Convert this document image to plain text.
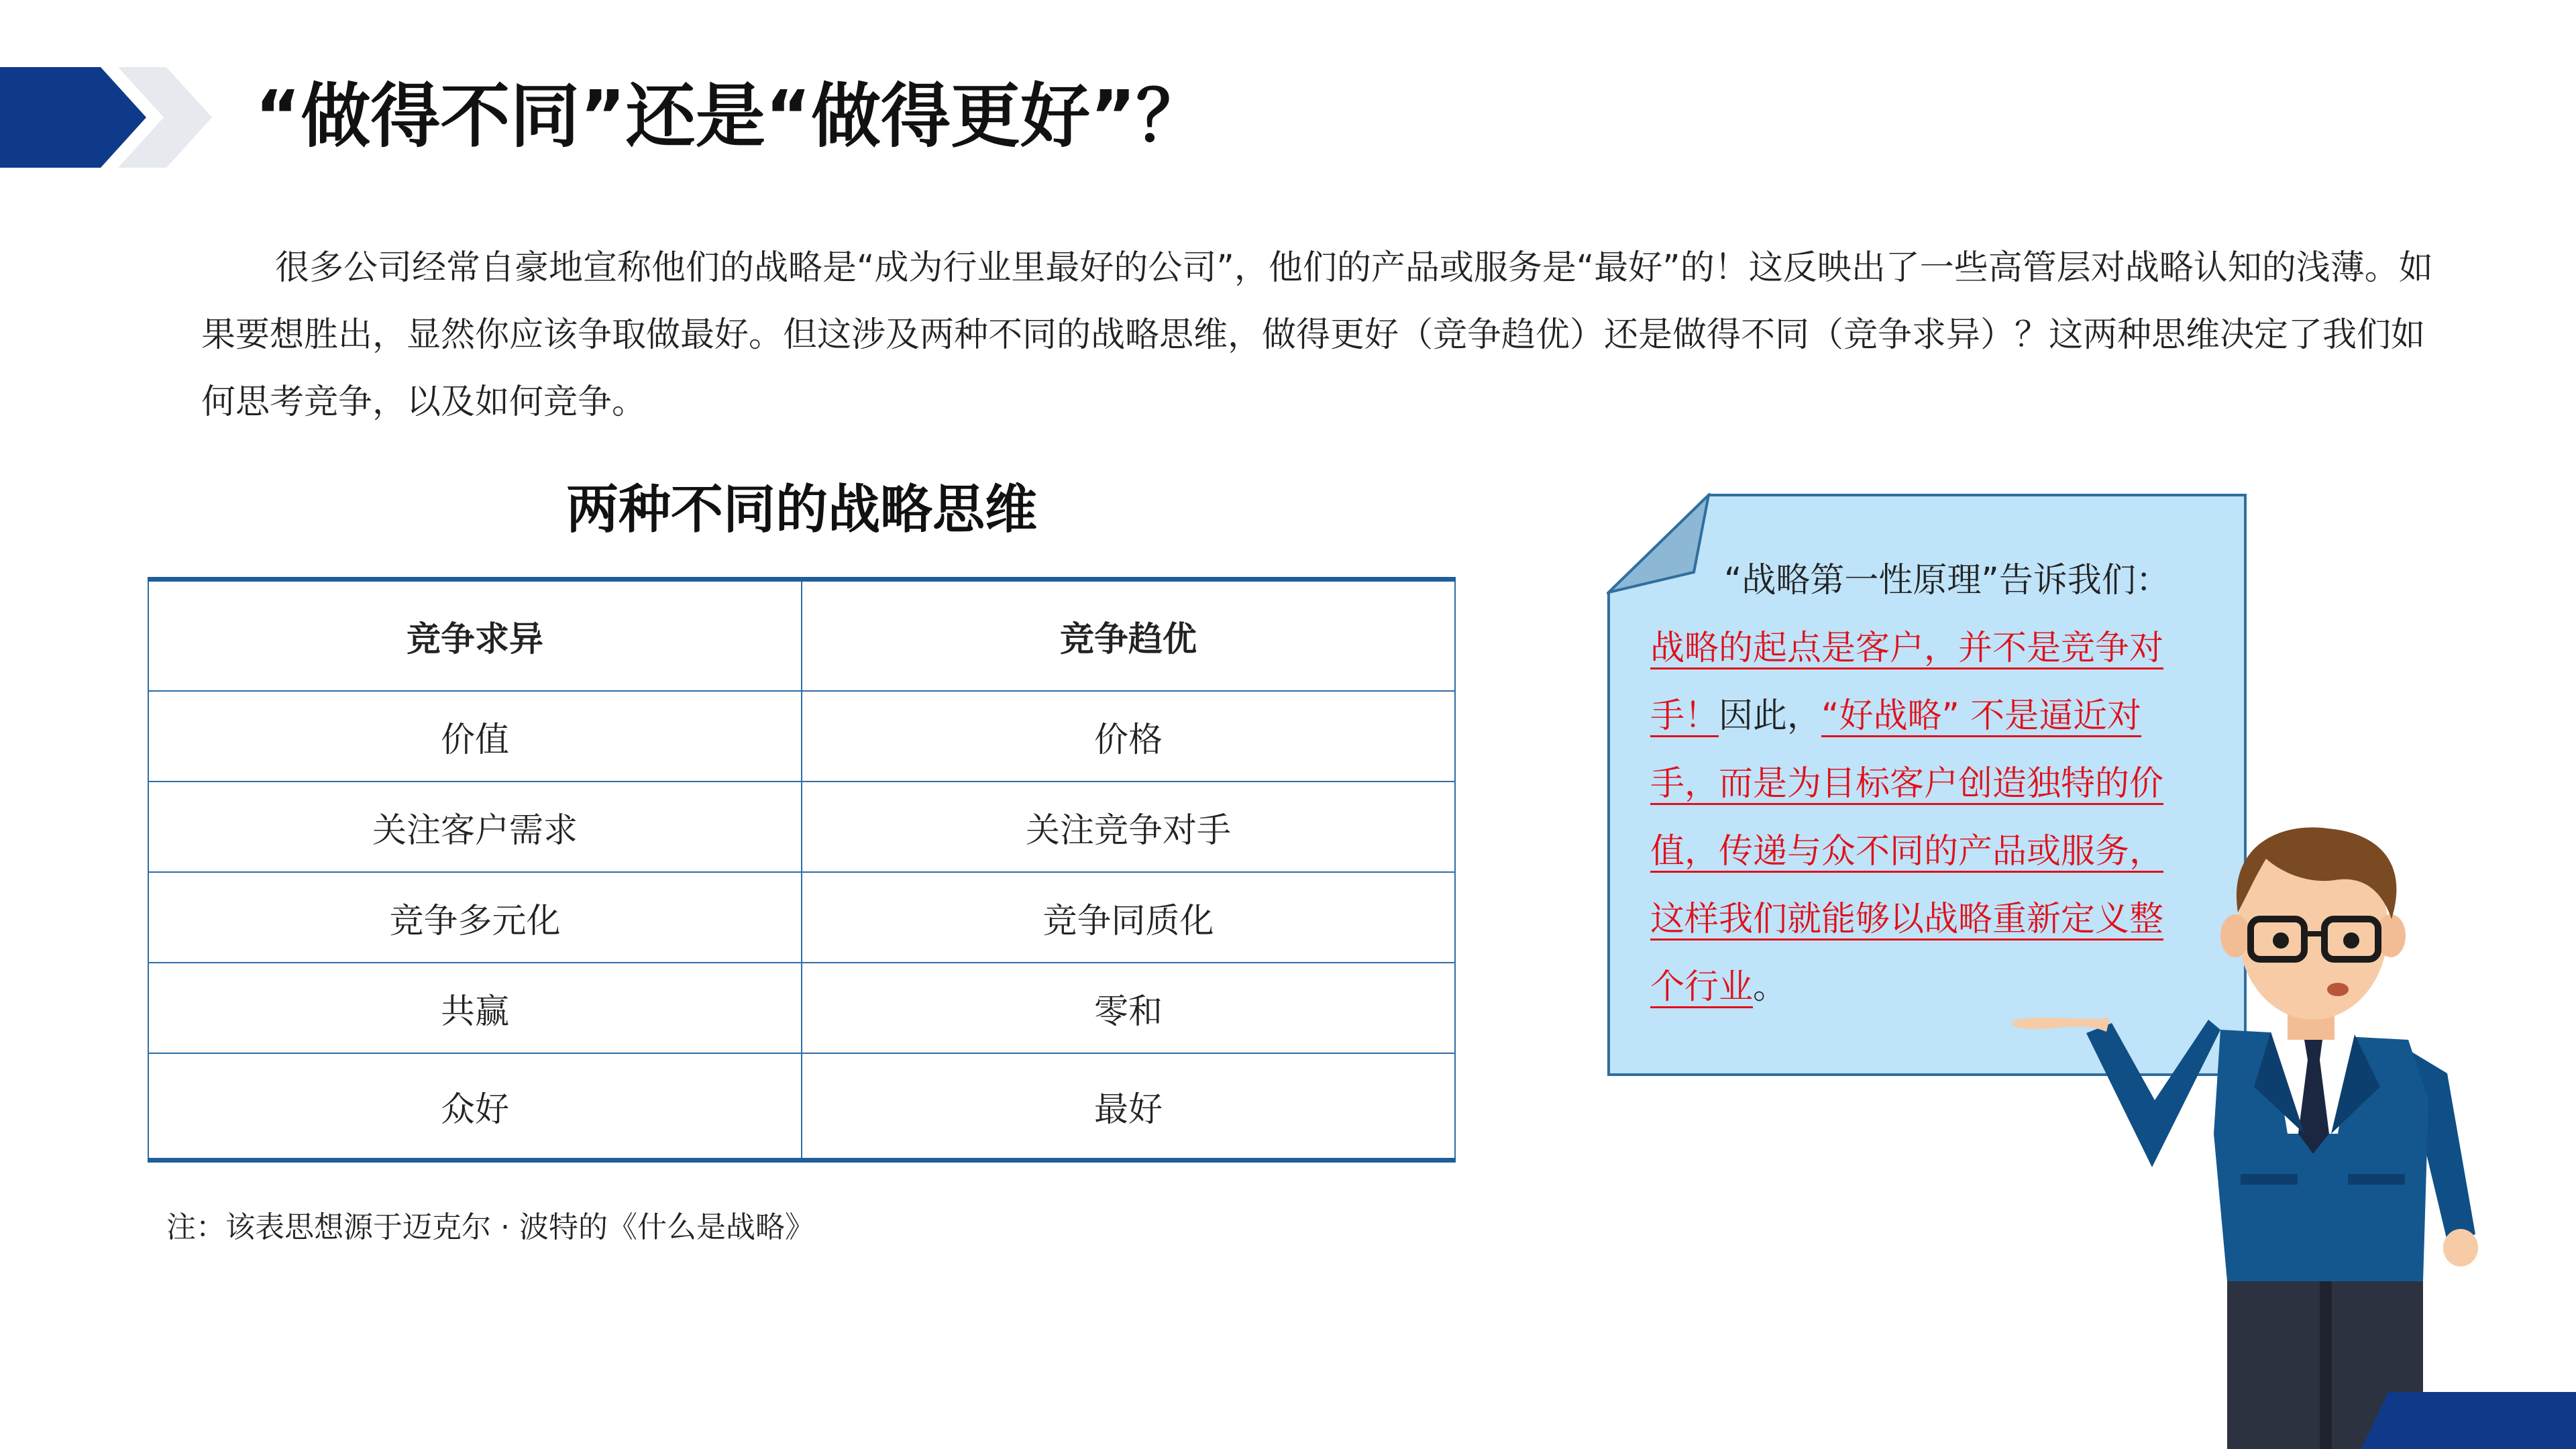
“做得不同”还是“做得更好”？

很多公司经常自豪地宣称他们的战略是“成为行业里最好的公司”，他们的产品或服务是“最好”的！这反映出了一些高管层对战略认知的浅薄。如果要想胜出，显然你应该争取做最好。但这涉及两种不同的战略思维，做得更好（竞争趋优）还是做得不同（竞争求异）？这两种思维决定了我们如何思考竞争，以及如何竞争。

两种不同的战略思维
竞争求异	竞争趋优
价值	价格
关注客户需求	关注竞争对手
竞争多元化	竞争同质化
共赢	零和
众好	最好
注：该表思想源于迈克尔 · 波特的《什么是战略》

“战略第一性原理”告诉我们：
战略的起点是客户，并不是竞争对手！因此，“好战略” 不是逼近对手，而是为目标客户创造独特的价值，传递与众不同的产品或服务，这样我们就能够以战略重新定义整个行业。
